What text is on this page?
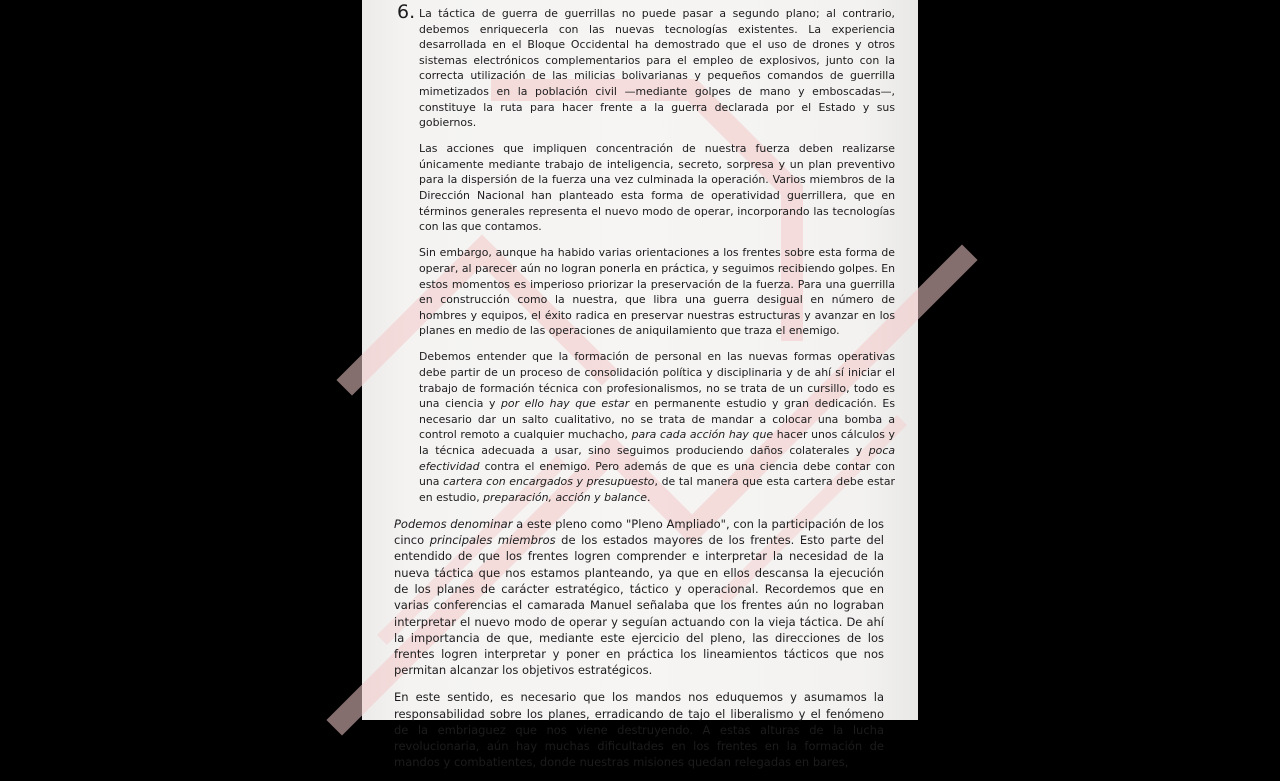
6. La táctica de guerra de guerrillas no puede pasar a segundo plano; al contrario, debemos enriquecerla con las nuevas tecnologías existentes. La experiencia desarrollada en el Bloque Occidental ha demostrado que el uso de drones y otros sistemas electrónicos complementarios para el empleo de explosivos, junto con la correcta utilización de las milicias bolivarianas y pequeños comandos de guerrilla mimetizados en la población civil —mediante golpes de mano y emboscadas—, constituye la ruta para hacer frente a la guerra declarada por el Estado y sus gobiernos.

Las acciones que impliquen concentración de nuestra fuerza deben realizarse únicamente mediante trabajo de inteligencia, secreto, sorpresa y un plan preventivo para la dispersión de la fuerza una vez culminada la operación. Varios miembros de la Dirección Nacional han planteado esta forma de operatividad guerrillera, que en términos generales representa el nuevo modo de operar, incorporando las tecnologías con las que contamos.

Sin embargo, aunque ha habido varias orientaciones a los frentes sobre esta forma de operar, al parecer aún no logran ponerla en práctica, y seguimos recibiendo golpes. En estos momentos es imperioso priorizar la preservación de la fuerza. Para una guerrilla en construcción como la nuestra, que libra una guerra desigual en número de hombres y equipos, el éxito radica en preservar nuestras estructuras y avanzar en los planes en medio de las operaciones de aniquilamiento que traza el enemigo.

Debemos entender que la formación de personal en las nuevas formas operativas debe partir de un proceso de consolidación política y disciplinaria y de ahí sí iniciar el trabajo de formación técnica con profesionalismos, no se trata de un cursillo, todo es una ciencia y por ello hay que estar en permanente estudio y gran dedicación. Es necesario dar un salto cualitativo, no se trata de mandar a colocar una bomba a control remoto a cualquier muchacho, para cada acción hay que hacer unos cálculos y la técnica adecuada a usar, sino seguimos produciendo daños colaterales y poca efectividad contra el enemigo. Pero además de que es una ciencia debe contar con una cartera con encargados y presupuesto, de tal manera que esta cartera debe estar en estudio, preparación, acción y balance.

Podemos denominar a este pleno como "Pleno Ampliado", con la participación de los cinco principales miembros de los estados mayores de los frentes. Esto parte del entendido de que los frentes logren comprender e interpretar la necesidad de la nueva táctica que nos estamos planteando, ya que en ellos descansa la ejecución de los planes de carácter estratégico, táctico y operacional. Recordemos que en varias conferencias el camarada Manuel señalaba que los frentes aún no lograban interpretar el nuevo modo de operar y seguían actuando con la vieja táctica. De ahí la importancia de que, mediante este ejercicio del pleno, las direcciones de los frentes logren interpretar y poner en práctica los lineamientos tácticos que nos permitan alcanzar los objetivos estratégicos.

En este sentido, es necesario que los mandos nos eduquemos y asumamos la responsabilidad sobre los planes, erradicando de tajo el liberalismo y el fenómeno de la embriaguez que nos viene destruyendo. A estas alturas de la lucha revolucionaria, aún hay muchas dificultades en los frentes en la formación de mandos y combatientes, donde nuestras misiones quedan relegadas en bares,
